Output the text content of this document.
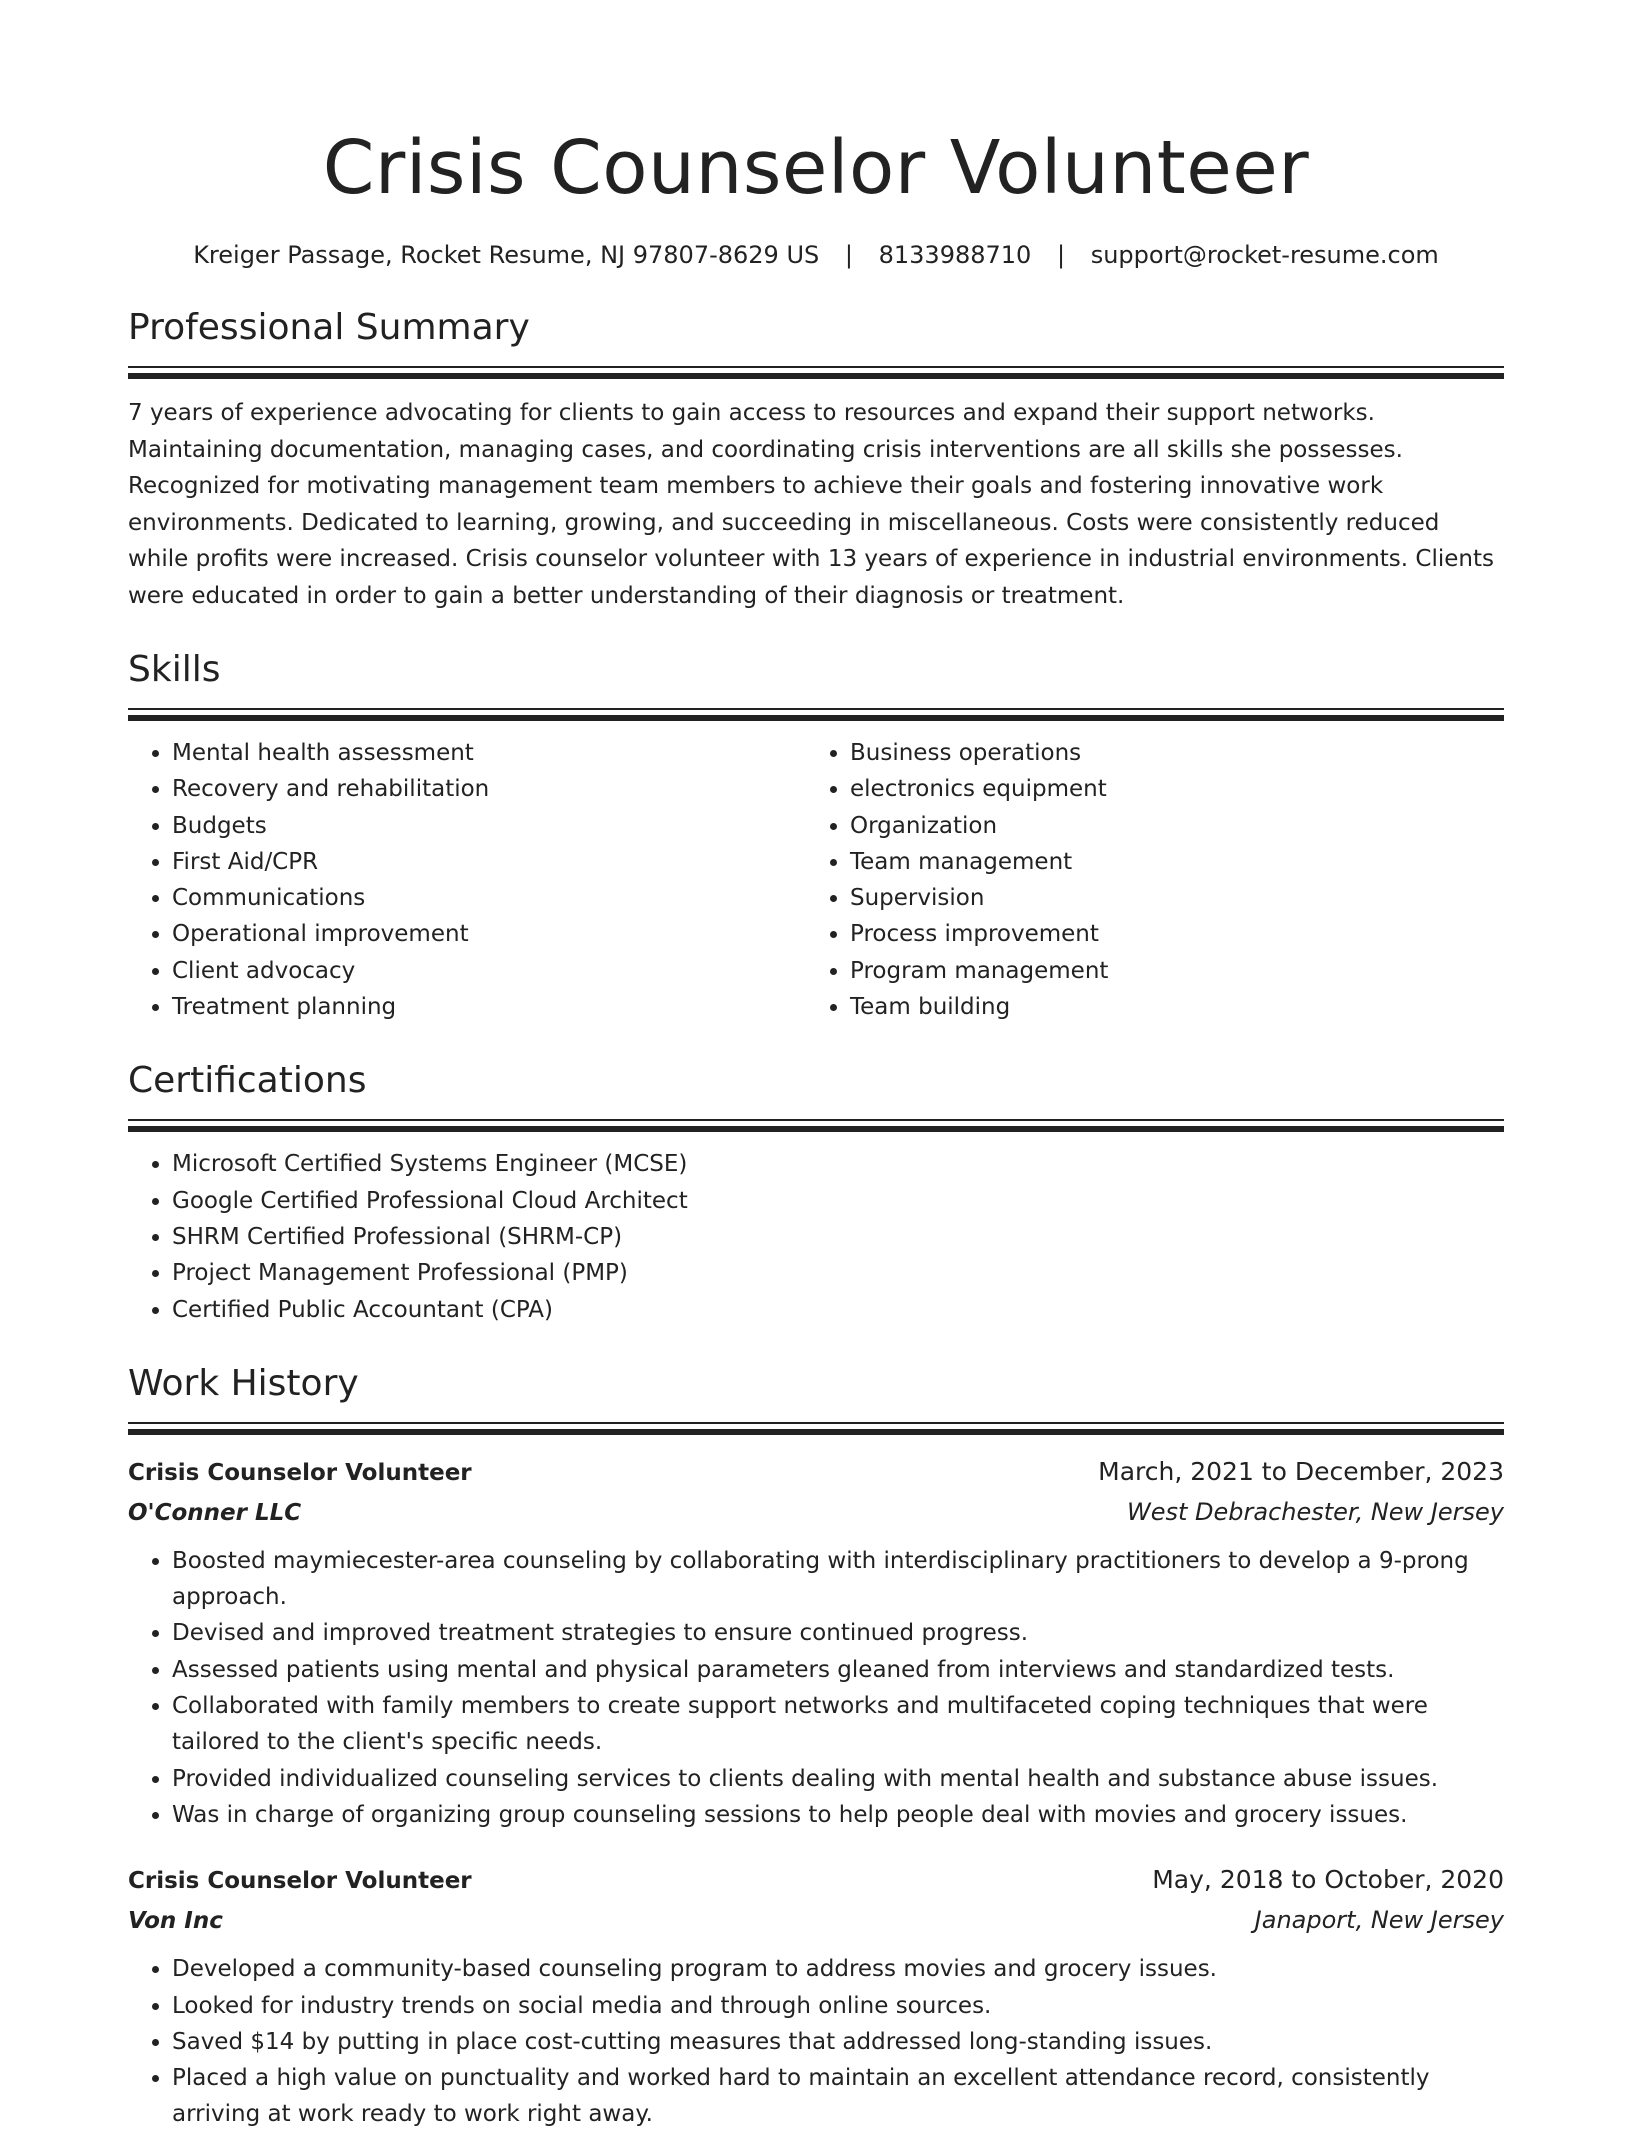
Crisis Counselor Volunteer
Kreiger Passage, Rocket Resume, NJ 97807-8629 US | 8133988710 | support@rocket-resume.com
Professional Summary
7 years of experience advocating for clients to gain access to resources and expand their support networks. Maintaining documentation, managing cases, and coordinating crisis interventions are all skills she possesses. Recognized for motivating management team members to achieve their goals and fostering innovative work environments. Dedicated to learning, growing, and succeeding in miscellaneous. Costs were consistently reduced while profits were increased. Crisis counselor volunteer with 13 years of experience in industrial environments. Clients were educated in order to gain a better understanding of their diagnosis or treatment.
Skills
• Mental health assessment
• Recovery and rehabilitation
• Budgets
• First Aid/CPR
• Communications
• Operational improvement
• Client advocacy
• Treatment planning
• Business operations
• electronics equipment
• Organization
• Team management
• Supervision
• Process improvement
• Program management
• Team building
Certifications
• Microsoft Certified Systems Engineer (MCSE)
• Google Certified Professional Cloud Architect
• SHRM Certified Professional (SHRM-CP)
• Project Management Professional (PMP)
• Certified Public Accountant (CPA)
Work History
Crisis Counselor Volunteer	March, 2021 to December, 2023
O'Conner LLC	West Debrachester, New Jersey
• Boosted maymiecester-area counseling by collaborating with interdisciplinary practitioners to develop a 9-prong approach.
• Devised and improved treatment strategies to ensure continued progress.
• Assessed patients using mental and physical parameters gleaned from interviews and standardized tests.
• Collaborated with family members to create support networks and multifaceted coping techniques that were tailored to the client's specific needs.
• Provided individualized counseling services to clients dealing with mental health and substance abuse issues.
• Was in charge of organizing group counseling sessions to help people deal with movies and grocery issues.
Crisis Counselor Volunteer	May, 2018 to October, 2020
Von Inc	Janaport, New Jersey
• Developed a community-based counseling program to address movies and grocery issues.
• Looked for industry trends on social media and through online sources.
• Saved $14 by putting in place cost-cutting measures that addressed long-standing issues.
• Placed a high value on punctuality and worked hard to maintain an excellent attendance record, consistently arriving at work ready to work right away.
